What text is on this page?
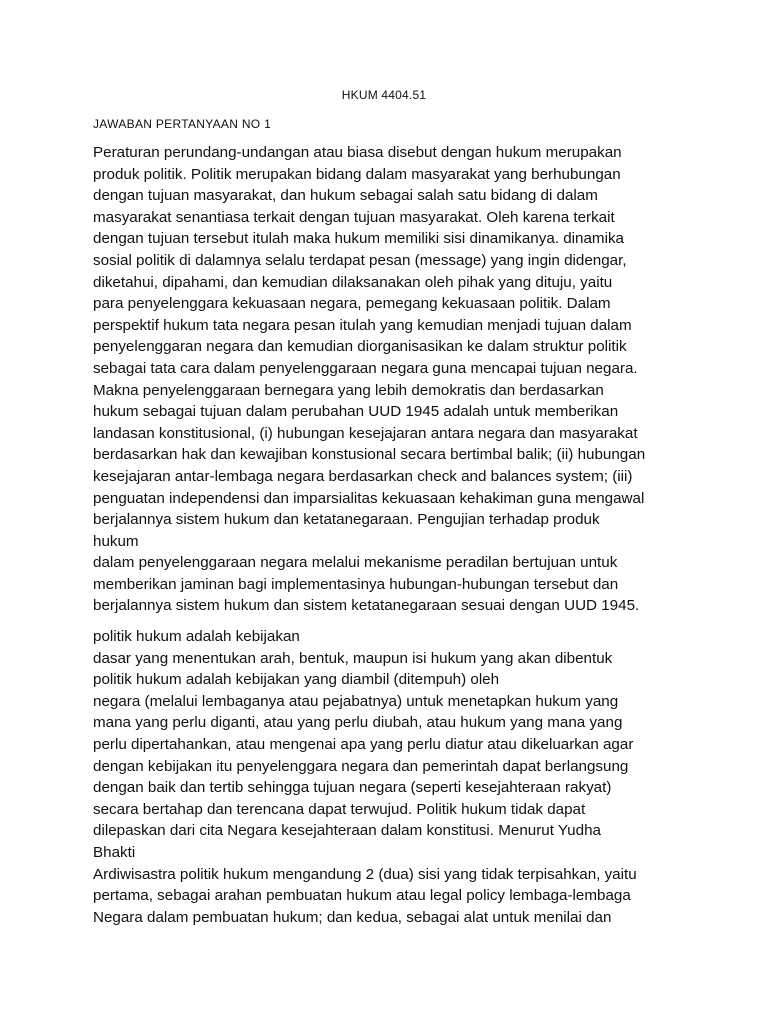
HKUM 4404.51
JAWABAN PERTANYAAN NO 1
Peraturan perundang-undangan atau biasa disebut dengan hukum merupakan
produk politik. Politik merupakan bidang dalam masyarakat yang berhubungan
dengan tujuan masyarakat, dan hukum sebagai salah satu bidang di dalam
masyarakat senantiasa terkait dengan tujuan masyarakat. Oleh karena terkait
dengan tujuan tersebut itulah maka hukum memiliki sisi dinamikanya. dinamika
sosial politik di dalamnya selalu terdapat pesan (message) yang ingin didengar,
diketahui, dipahami, dan kemudian dilaksanakan oleh pihak yang dituju, yaitu
para penyelenggara kekuasaan negara, pemegang kekuasaan politik. Dalam
perspektif hukum tata negara pesan itulah yang kemudian menjadi tujuan dalam
penyelenggaran negara dan kemudian diorganisasikan ke dalam struktur politik
sebagai tata cara dalam penyelenggaraan negara guna mencapai tujuan negara.
Makna penyelenggaraan bernegara yang lebih demokratis dan berdasarkan
hukum sebagai tujuan dalam perubahan UUD 1945 adalah untuk memberikan
landasan konstitusional, (i) hubungan kesejajaran antara negara dan masyarakat
berdasarkan hak dan kewajiban konstusional secara bertimbal balik; (ii) hubungan
kesejajaran antar-lembaga negara berdasarkan check and balances system; (iii)
penguatan independensi dan imparsialitas kekuasaan kehakiman guna mengawal
berjalannya sistem hukum dan ketatanegaraan. Pengujian terhadap produk
hukum
dalam penyelenggaraan negara melalui mekanisme peradilan bertujuan untuk
memberikan jaminan bagi implementasinya hubungan-hubungan tersebut dan
berjalannya sistem hukum dan sistem ketatanegaraan sesuai dengan UUD 1945.
politik hukum adalah kebijakan
dasar yang menentukan arah, bentuk, maupun isi hukum yang akan dibentuk
politik hukum adalah kebijakan yang diambil (ditempuh) oleh
negara (melalui lembaganya atau pejabatnya) untuk menetapkan hukum yang
mana yang perlu diganti, atau yang perlu diubah, atau hukum yang mana yang
perlu dipertahankan, atau mengenai apa yang perlu diatur atau dikeluarkan agar
dengan kebijakan itu penyelenggara negara dan pemerintah dapat berlangsung
dengan baik dan tertib sehingga tujuan negara (seperti kesejahteraan rakyat)
secara bertahap dan terencana dapat terwujud. Politik hukum tidak dapat
dilepaskan dari cita Negara kesejahteraan dalam konstitusi. Menurut Yudha
Bhakti
Ardiwisastra politik hukum mengandung 2 (dua) sisi yang tidak terpisahkan, yaitu
pertama, sebagai arahan pembuatan hukum atau legal policy lembaga-lembaga
Negara dalam pembuatan hukum; dan kedua, sebagai alat untuk menilai dan
